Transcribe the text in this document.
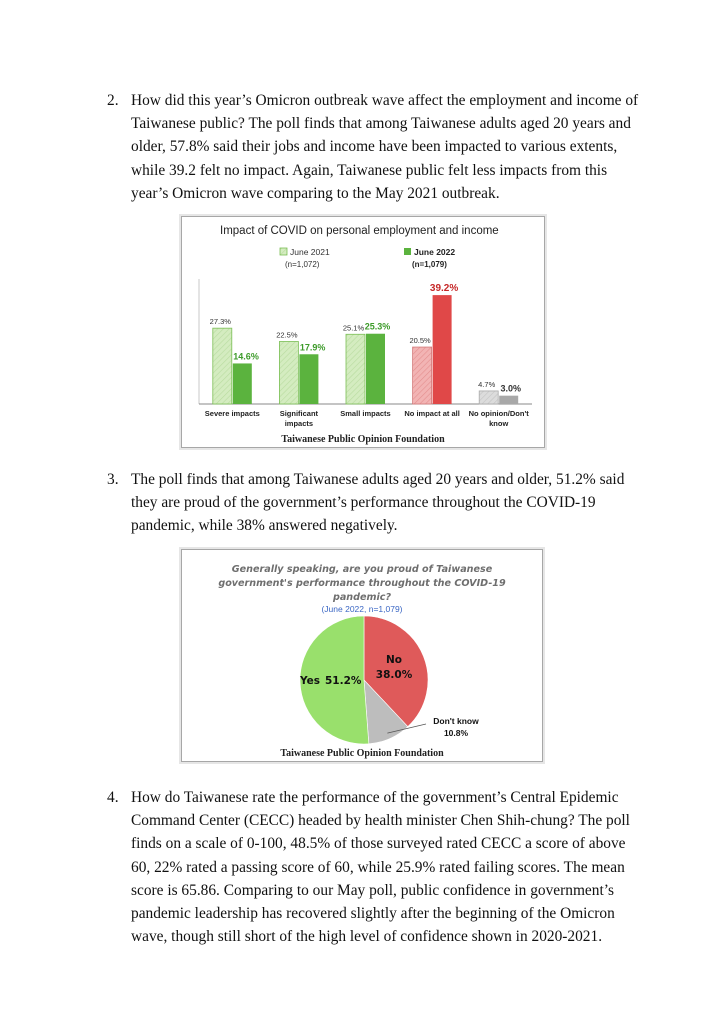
2. How did this year’s Omicron outbreak wave affect the employment and income of
Taiwanese public? The poll finds that among Taiwanese adults aged 20 years and
older, 57.8% said their jobs and income have been impacted to various extents,
while 39.2 felt no impact. Again, Taiwanese public felt less impacts from this
year’s Omicron wave comparing to the May 2021 outbreak.
Impact of COVID on personal employment and income
June 2021
(n=1,072)
June 2022
(n=1,079)
27.3%
14.6%
Severe impacts
22.5%
17.9%
Significant
impacts
25.1% 25.3%
Small impacts
20.5%
39.2%
No impact at all
4.7% 3.0%
No opinion/Don't
know
Taiwanese Public Opinion Foundation
3. The poll finds that among Taiwanese adults aged 20 years and older, 51.2% said
they are proud of the government’s performance throughout the COVID-19
pandemic, while 38% answered negatively.
Generally speaking, are you proud of Taiwanese
government's performance throughout the COVID-19
pandemic?
(June 2022, n=1,079)
Yes 51.2%
No
38.0%
Don't know
10.8%
Taiwanese Public Opinion Foundation
4. How do Taiwanese rate the performance of the government’s Central Epidemic
Command Center (CECC) headed by health minister Chen Shih-chung? The poll
finds on a scale of 0-100, 48.5% of those surveyed rated CECC a score of above
60, 22% rated a passing score of 60, while 25.9% rated failing scores. The mean
score is 65.86. Comparing to our May poll, public confidence in government’s
pandemic leadership has recovered slightly after the beginning of the Omicron
wave, though still short of the high level of confidence shown in 2020-2021.
